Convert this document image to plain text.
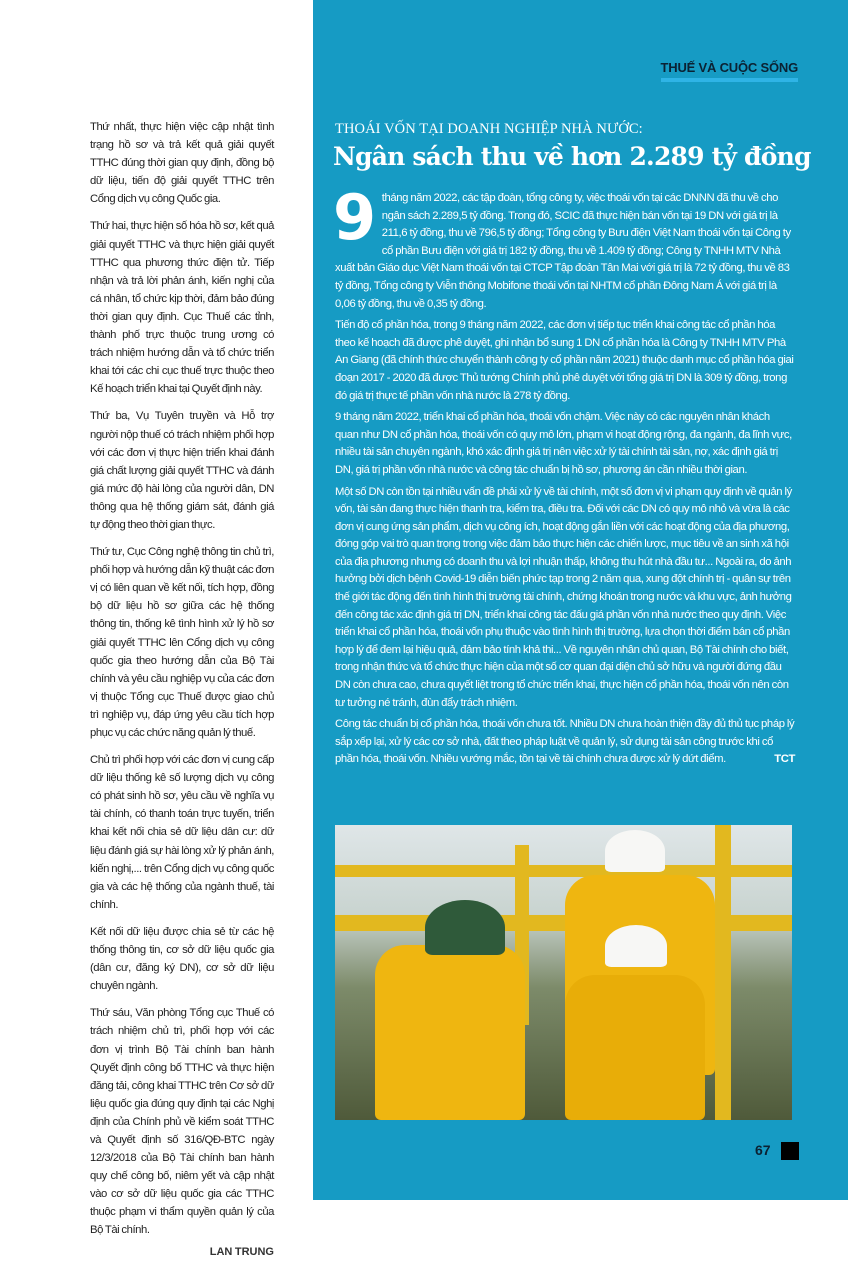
Thứ nhất, thực hiện việc cập nhật tình trạng hồ sơ và trả kết quả giải quyết TTHC đúng thời gian quy định, đồng bộ dữ liệu, tiến độ giải quyết TTHC trên Cổng dịch vụ công Quốc gia.

Thứ hai, thực hiện số hóa hồ sơ, kết quả giải quyết TTHC và thực hiện giải quyết TTHC qua phương thức điện tử. Tiếp nhận và trả lời phản ánh, kiến nghị của cá nhân, tổ chức kịp thời, đảm bảo đúng thời gian quy định. Cục Thuế các tỉnh, thành phố trực thuộc trung ương có trách nhiệm hướng dẫn và tổ chức triển khai tới các chi cục thuế trực thuộc theo Kế hoạch triển khai tại Quyết định này.

Thứ ba, Vụ Tuyên truyền và Hỗ trợ người nộp thuế có trách nhiệm phối hợp với các đơn vị thực hiện triển khai đánh giá chất lượng giải quyết TTHC và đánh giá mức độ hài lòng của người dân, DN thông qua hệ thống giám sát, đánh giá tự động theo thời gian thực.

Thứ tư, Cục Công nghệ thông tin chủ trì, phối hợp và hướng dẫn kỹ thuật các đơn vị có liên quan về kết nối, tích hợp, đồng bộ dữ liệu hồ sơ giữa các hệ thống thông tin, thống kê tình hình xử lý hồ sơ giải quyết TTHC lên Cổng dịch vụ công quốc gia theo hướng dẫn của Bộ Tài chính và yêu cầu nghiệp vụ của các đơn vị thuộc Tổng cục Thuế được giao chủ trì nghiệp vụ, đáp ứng yêu cầu tích hợp phục vụ các chức năng quản lý thuế.

Chủ trì phối hợp với các đơn vị cung cấp dữ liệu thống kê số lượng dịch vụ công có phát sinh hồ sơ, yêu cầu về nghĩa vụ tài chính, có thanh toán trực tuyến, triển khai kết nối chia sẻ dữ liệu dân cư: dữ liệu đánh giá sự hài lòng xử lý phản ánh, kiến nghị,... trên Cổng dịch vụ công quốc gia và các hệ thống của ngành thuế, tài chính.

Kết nối dữ liệu được chia sẻ từ các hệ thống thông tin, cơ sở dữ liệu quốc gia (dân cư, đăng ký DN), cơ sở dữ liệu chuyên ngành.

Thứ sáu, Văn phòng Tổng cục Thuế có trách nhiệm chủ trì, phối hợp với các đơn vị trình Bộ Tài chính ban hành Quyết định công bố TTHC và thực hiện đăng tải, công khai TTHC trên Cơ sở dữ liệu quốc gia đúng quy định tại các Nghị định của Chính phủ về kiểm soát TTHC và Quyết định số 316/QĐ-BTC ngày 12/3/2018 của Bộ Tài chính ban hành quy chế công bố, niêm yết và cập nhật vào cơ sở dữ liệu quốc gia các TTHC thuộc phạm vi thẩm quyền quản lý của Bộ Tài chính.

LAN TRUNG
THUẾ VÀ CUỘC SỐNG
THOÁI VỐN TẠI DOANH NGHIỆP NHÀ NƯỚC:
Ngân sách thu về hơn 2.289 tỷ đồng

9 tháng năm 2022, các tập đoàn, tổng công ty, việc thoái vốn tại các DNNN đã thu về cho ngân sách 2.289,5 tỷ đồng. Trong đó, SCIC đã thực hiện bán vốn tại 19 DN với giá trị là 211,6 tỷ đồng, thu về 796,5 tỷ đồng; Tổng công ty Bưu điện Việt Nam thoái vốn tại Công ty cổ phần Bưu điện với giá trị 182 tỷ đồng, thu về 1.409 tỷ đồng; Công ty TNHH MTV Nhà xuất bản Giáo dục Việt Nam thoái vốn tại CTCP Tập đoàn Tân Mai với giá trị là 72 tỷ đồng, thu về 83 tỷ đồng, Tổng công ty Viễn thông Mobifone thoái vốn tại NHTM cổ phần Đông Nam Á với giá trị là 0,06 tỷ đồng, thu về 0,35 tỷ đồng.

Tiến độ cổ phần hóa, trong 9 tháng năm 2022, các đơn vị tiếp tục triển khai công tác cổ phần hóa theo kế hoạch đã được phê duyệt, ghi nhận bổ sung 1 DN cổ phần hóa là Công ty TNHH MTV Phà An Giang (đã chính thức chuyển thành công ty cổ phần năm 2021) thuộc danh mục cổ phần hóa giai đoạn 2017 - 2020 đã được Thủ tướng Chính phủ phê duyệt với tổng giá trị DN là 309 tỷ đồng, trong đó giá trị thực tế phần vốn nhà nước là 278 tỷ đồng.

9 tháng năm 2022, triển khai cổ phần hóa, thoái vốn chậm. Việc này có các nguyên nhân khách quan như DN cổ phần hóa, thoái vốn có quy mô lớn, phạm vi hoạt động rộng, đa ngành, đa lĩnh vực, nhiều tài sản chuyên ngành, khó xác định giá trị nên việc xử lý tài chính tài sản, nợ, xác định giá trị DN, giá trị phần vốn nhà nước và công tác chuẩn bị hồ sơ, phương án cần nhiều thời gian.

Một số DN còn tồn tại nhiều vấn đề phải xử lý về tài chính, một số đơn vị vi phạm quy định về quản lý vốn, tài sản đang thực hiện thanh tra, kiểm tra, điều tra. Đối với các DN có quy mô nhỏ và vừa là các đơn vị cung ứng sản phẩm, dịch vụ công ích, hoạt động gắn liền với các hoạt động của địa phương, đóng góp vai trò quan trọng trong việc đảm bảo thực hiện các chiến lược, mục tiêu về an sinh xã hội của địa phương nhưng có doanh thu và lợi nhuận thấp, không thu hút nhà đầu tư... Ngoài ra, do ảnh hưởng bởi dịch bệnh Covid-19 diễn biến phức tạp trong 2 năm qua, xung đột chính trị - quân sự trên thế giới tác động đến tình hình thị trường tài chính, chứng khoán trong nước và khu vực, ảnh hưởng đến công tác xác định giá trị DN, triển khai công tác đấu giá phần vốn nhà nước theo quy định. Việc triển khai cổ phần hóa, thoái vốn phụ thuộc vào tình hình thị trường, lựa chọn thời điểm bán cổ phần hợp lý để đem lại hiệu quả, đảm bảo tính khả thi... Về nguyên nhân chủ quan, Bộ Tài chính cho biết, trong nhận thức và tổ chức thực hiện của một số cơ quan đại diện chủ sở hữu và người đứng đầu DN còn chưa cao, chưa quyết liệt trong tổ chức triển khai, thực hiện cổ phần hóa, thoái vốn nên còn tư tưởng né tránh, đùn đẩy trách nhiệm.

Công tác chuẩn bị cổ phần hóa, thoái vốn chưa tốt. Nhiều DN chưa hoàn thiện đầy đủ thủ tục pháp lý sắp xếp lại, xử lý các cơ sở nhà, đất theo pháp luật về quản lý, sử dụng tài sản công trước khi cổ phần hóa, thoái vốn. Nhiều vướng mắc, tồn tại về tài chính chưa được xử lý dứt điểm.	TCT

67
